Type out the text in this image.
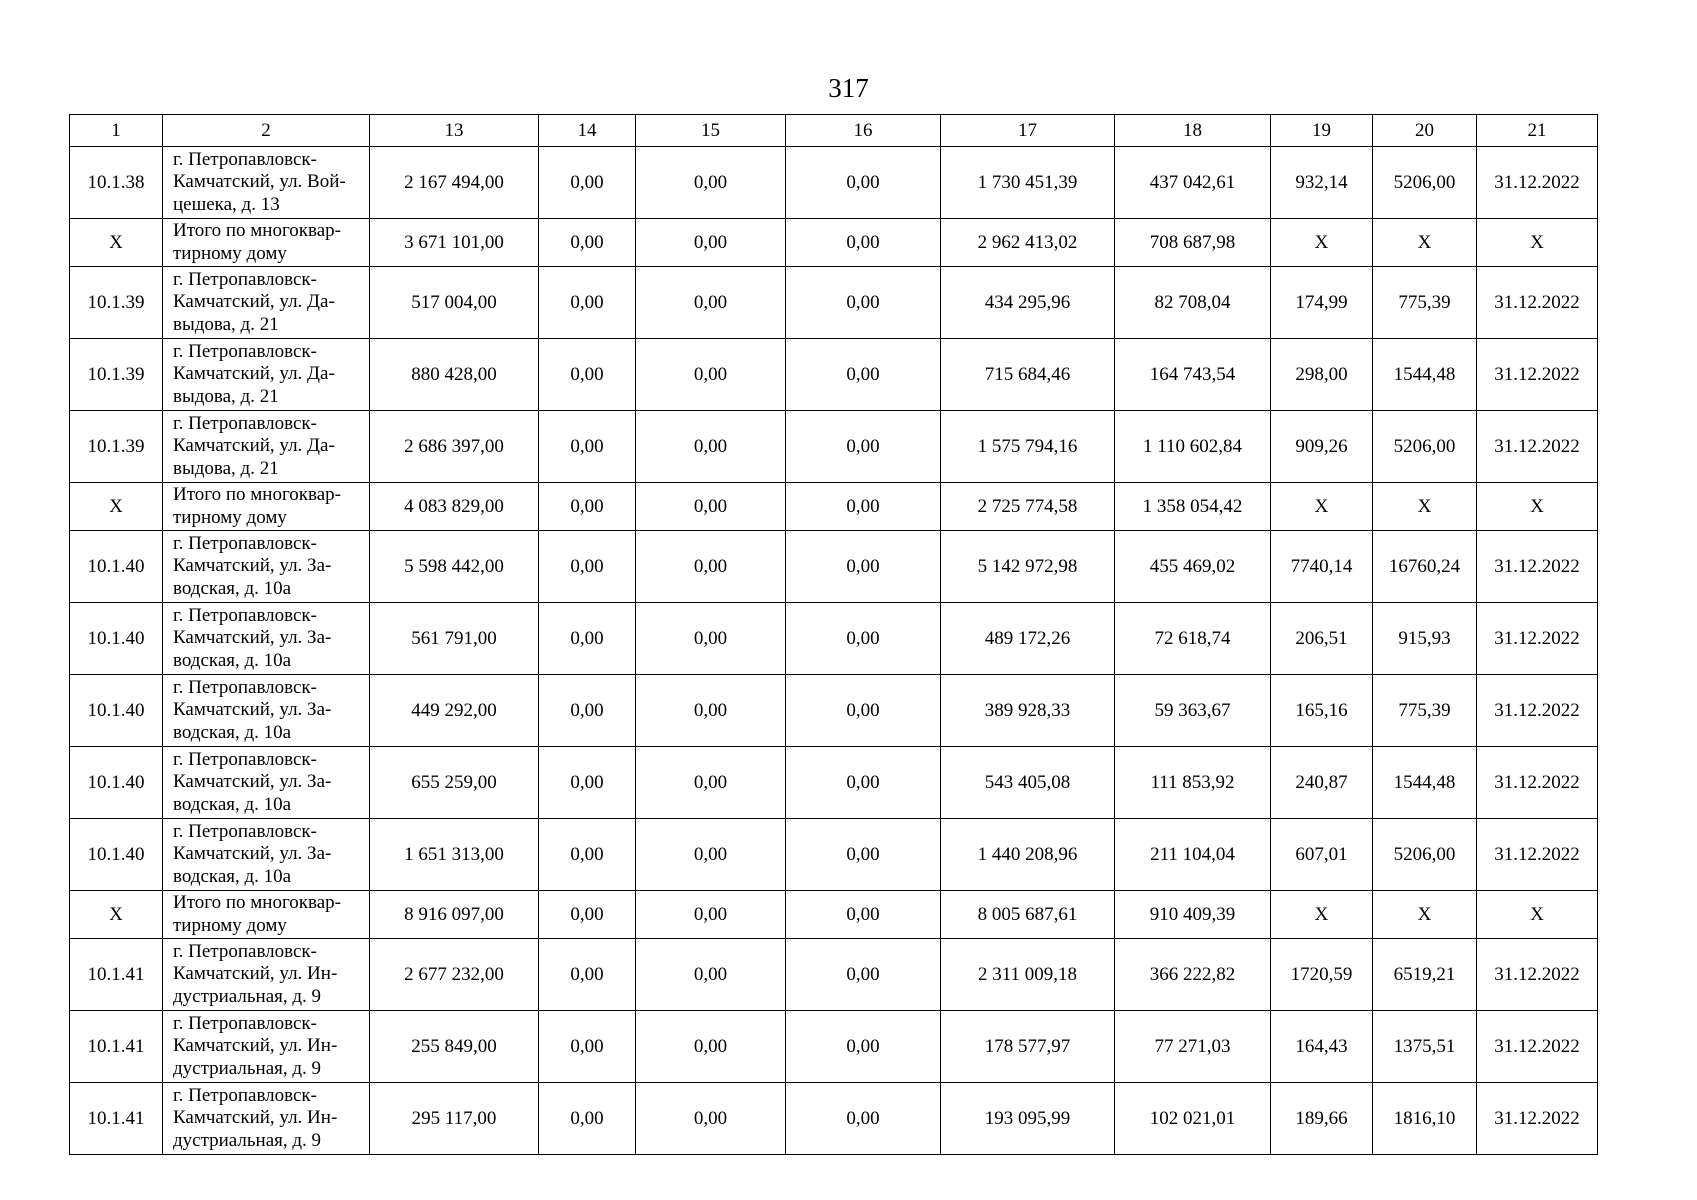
317
1	2	13	14	15	16	17	18	19	20	21
10.1.38	г. Петропавловск-
Камчатский, ул. Вой-
цешека, д. 13	2 167 494,00	0,00	0,00	0,00	1 730 451,39	437 042,61	932,14	5206,00	31.12.2022
X	Итого по многоквар-
тирному дому	3 671 101,00	0,00	0,00	0,00	2 962 413,02	708 687,98	X	X	X
10.1.39	г. Петропавловск-
Камчатский, ул. Да-
выдова, д. 21	517 004,00	0,00	0,00	0,00	434 295,96	82 708,04	174,99	775,39	31.12.2022
10.1.39	г. Петропавловск-
Камчатский, ул. Да-
выдова, д. 21	880 428,00	0,00	0,00	0,00	715 684,46	164 743,54	298,00	1544,48	31.12.2022
10.1.39	г. Петропавловск-
Камчатский, ул. Да-
выдова, д. 21	2 686 397,00	0,00	0,00	0,00	1 575 794,16	1 110 602,84	909,26	5206,00	31.12.2022
X	Итого по многоквар-
тирному дому	4 083 829,00	0,00	0,00	0,00	2 725 774,58	1 358 054,42	X	X	X
10.1.40	г. Петропавловск-
Камчатский, ул. За-
водская, д. 10а	5 598 442,00	0,00	0,00	0,00	5 142 972,98	455 469,02	7740,14	16760,24	31.12.2022
10.1.40	г. Петропавловск-
Камчатский, ул. За-
водская, д. 10а	561 791,00	0,00	0,00	0,00	489 172,26	72 618,74	206,51	915,93	31.12.2022
10.1.40	г. Петропавловск-
Камчатский, ул. За-
водская, д. 10а	449 292,00	0,00	0,00	0,00	389 928,33	59 363,67	165,16	775,39	31.12.2022
10.1.40	г. Петропавловск-
Камчатский, ул. За-
водская, д. 10а	655 259,00	0,00	0,00	0,00	543 405,08	111 853,92	240,87	1544,48	31.12.2022
10.1.40	г. Петропавловск-
Камчатский, ул. За-
водская, д. 10а	1 651 313,00	0,00	0,00	0,00	1 440 208,96	211 104,04	607,01	5206,00	31.12.2022
X	Итого по многоквар-
тирному дому	8 916 097,00	0,00	0,00	0,00	8 005 687,61	910 409,39	X	X	X
10.1.41	г. Петропавловск-
Камчатский, ул. Ин-
дустриальная, д. 9	2 677 232,00	0,00	0,00	0,00	2 311 009,18	366 222,82	1720,59	6519,21	31.12.2022
10.1.41	г. Петропавловск-
Камчатский, ул. Ин-
дустриальная, д. 9	255 849,00	0,00	0,00	0,00	178 577,97	77 271,03	164,43	1375,51	31.12.2022
10.1.41	г. Петропавловск-
Камчатский, ул. Ин-
дустриальная, д. 9	295 117,00	0,00	0,00	0,00	193 095,99	102 021,01	189,66	1816,10	31.12.2022
